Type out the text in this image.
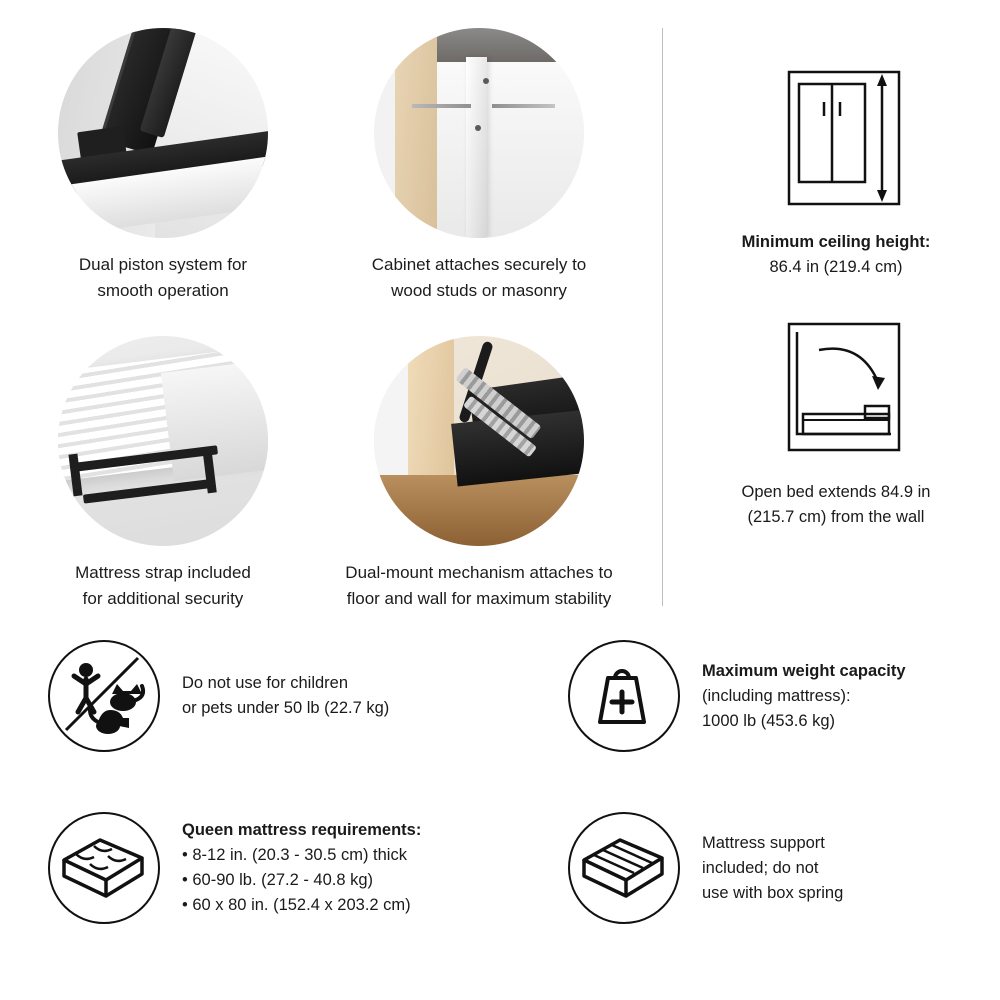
Dual piston system for
smooth operation
Cabinet attaches securely to
wood studs or masonry
Mattress strap included
for additional security
Dual-mount mechanism attaches to
floor and wall for maximum stability
Minimum ceiling height:
86.4 in (219.4 cm)
Open bed extends 84.9 in
(215.7 cm) from the wall
Do not use for children
or pets under 50 lb (22.7 kg)
Maximum weight capacity
(including mattress):
1000 lb (453.6 kg)
Queen mattress requirements:
• 8-12 in. (20.3 - 30.5 cm) thick
• 60-90 lb. (27.2 - 40.8 kg)
• 60 x 80 in. (152.4 x 203.2 cm)
Mattress support
included; do not
use with box spring
